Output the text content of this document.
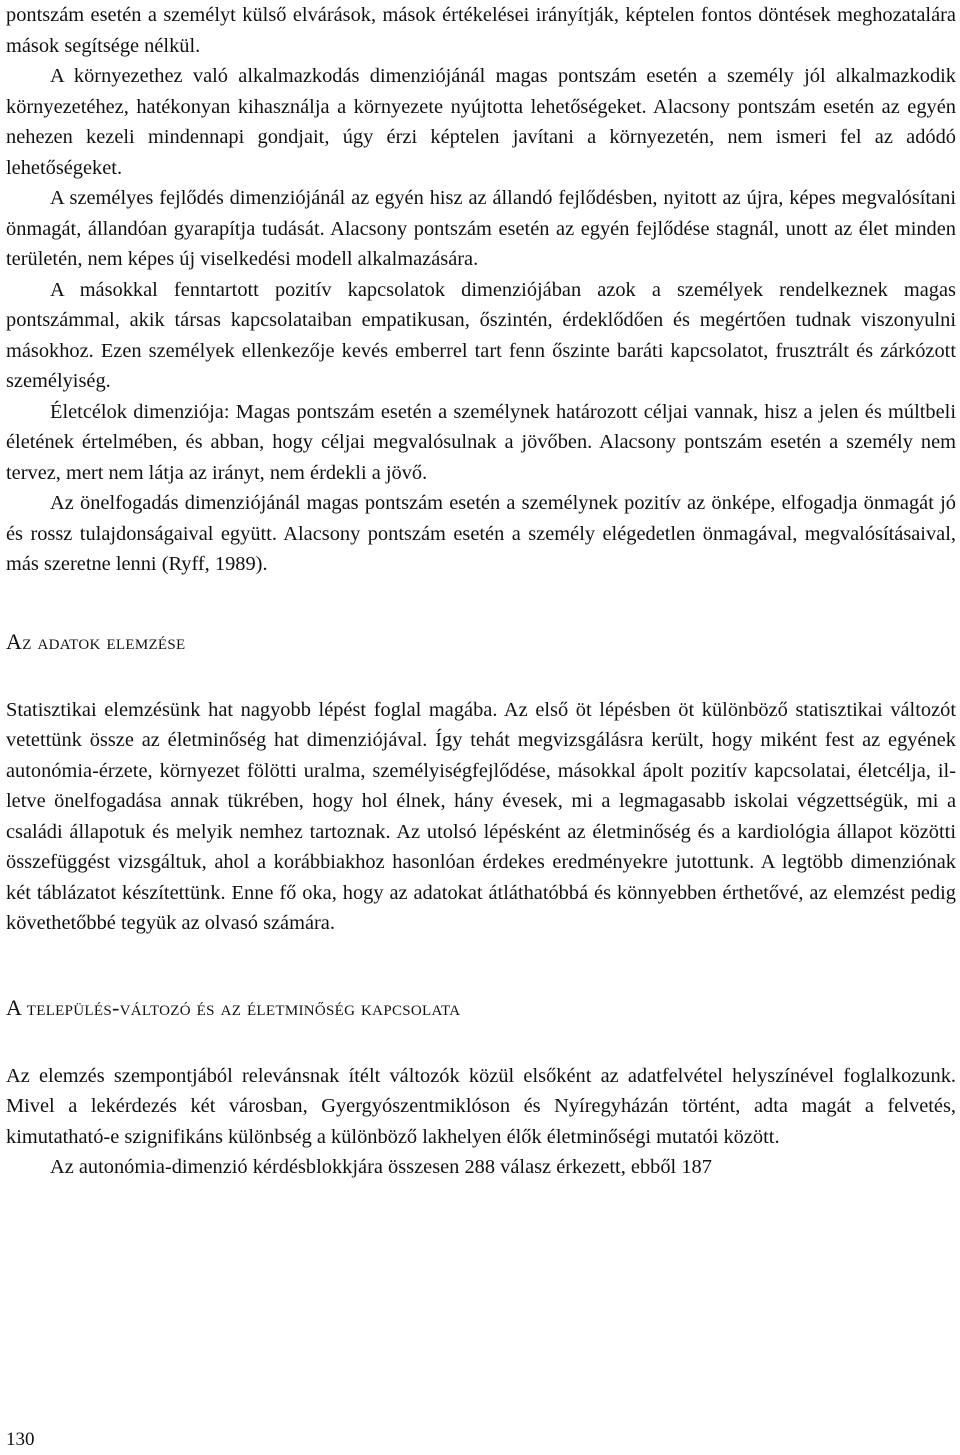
pontszám esetén a személyt külső elvárások, mások értékelései irányítják, képtelen fontos döntések meghozatalára mások segítsége nélkül.

A környezethez való alkalmazkodás dimenziójánál magas pontszám esetén a személy jól alkalmazkodik környezetéhez, hatékonyan kihasználja a környezete nyújtotta lehetőségeket. Alacsony pontszám esetén az egyén nehezen kezeli mindennapi gondjait, úgy érzi képtelen javítani a környezetén, nem ismeri fel az adódó lehetőségeket.

A személyes fejlődés dimenziójánál az egyén hisz az állandó fejlődésben, nyitott az újra, képes megvalósítani önmagát, állandóan gyarapítja tudását. Alacsony pontszám esetén az egyén fejlődése stagnál, unott az élet minden területén, nem képes új viselkedési modell alkalmazására.

A másokkal fenntartott pozitív kapcsolatok dimenziójában azok a személyek rendelkeznek magas pontszámmal, akik társas kapcsolataiban empatikusan, őszintén, érdeklődően és megértően tudnak viszonyulni másokhoz. Ezen személyek ellenkezője kevés emberrel tart fenn őszinte baráti kapcsolatot, frusztrált és zárkózott személyiség.

Életcélok dimenziója: Magas pontszám esetén a személynek határozott céljai vannak, hisz a jelen és múltbeli életének értelmében, és abban, hogy céljai megvalósulnak a jövőben. Alacsony pontszám esetén a személy nem tervez, mert nem látja az irányt, nem érdekli a jövő.

Az önelfogadás dimenziójánál magas pontszám esetén a személynek pozitív az önképe, elfogadja önmagát jó és rossz tulajdonságaival együtt. Alacsony pontszám esetén a személy elégedetlen önmagával, megvalósításaival, más szeretne lenni (Ryff, 1989).

Az adatok elemzése

Statisztikai elemzésünk hat nagyobb lépést foglal magába. Az első öt lépésben öt különböző statisztikai változót vetettünk össze az életminőség hat dimenziójával. Így tehát megvizsgálásra került, hogy miként fest az egyének autonómia-érzete, környezet fölötti uralma, személyiségfejlődése, másokkal ápolt pozitív kapcsolatai, életcélja, illetve önelfogadása annak tükrében, hogy hol élnek, hány évesek, mi a legmagasabb iskolai végzettségük, mi a családi állapotuk és melyik nemhez tartoznak. Az utolsó lépésként az életminőség és a kardiológia állapot közötti összefüggést vizsgáltuk, ahol a korábbiakhoz hasonlóan érdekes eredményekre jutottunk. A legtöbb dimenziónak két táblázatot készítettünk. Enne fő oka, hogy az adatokat átláthatóbbá és könnyebben érthetővé, az elemzést pedig követhetőbbé tegyük az olvasó számára.

A település-változó és az életminőség kapcsolata

Az elemzés szempontjából relevánsnak ítélt változók közül elsőként az adatfelvétel helyszínével foglalkozunk. Mivel a lekérdezés két városban, Gyergyószentmiklóson és Nyíregyházán történt, adta magát a felvetés, kimutatható-e szignifikáns különbség a különböző lakhelyen élők életminőségi mutatói között.

Az autonómia-dimenzió kérdésblokkjára összesen 288 válasz érkezett, ebből 187

130
